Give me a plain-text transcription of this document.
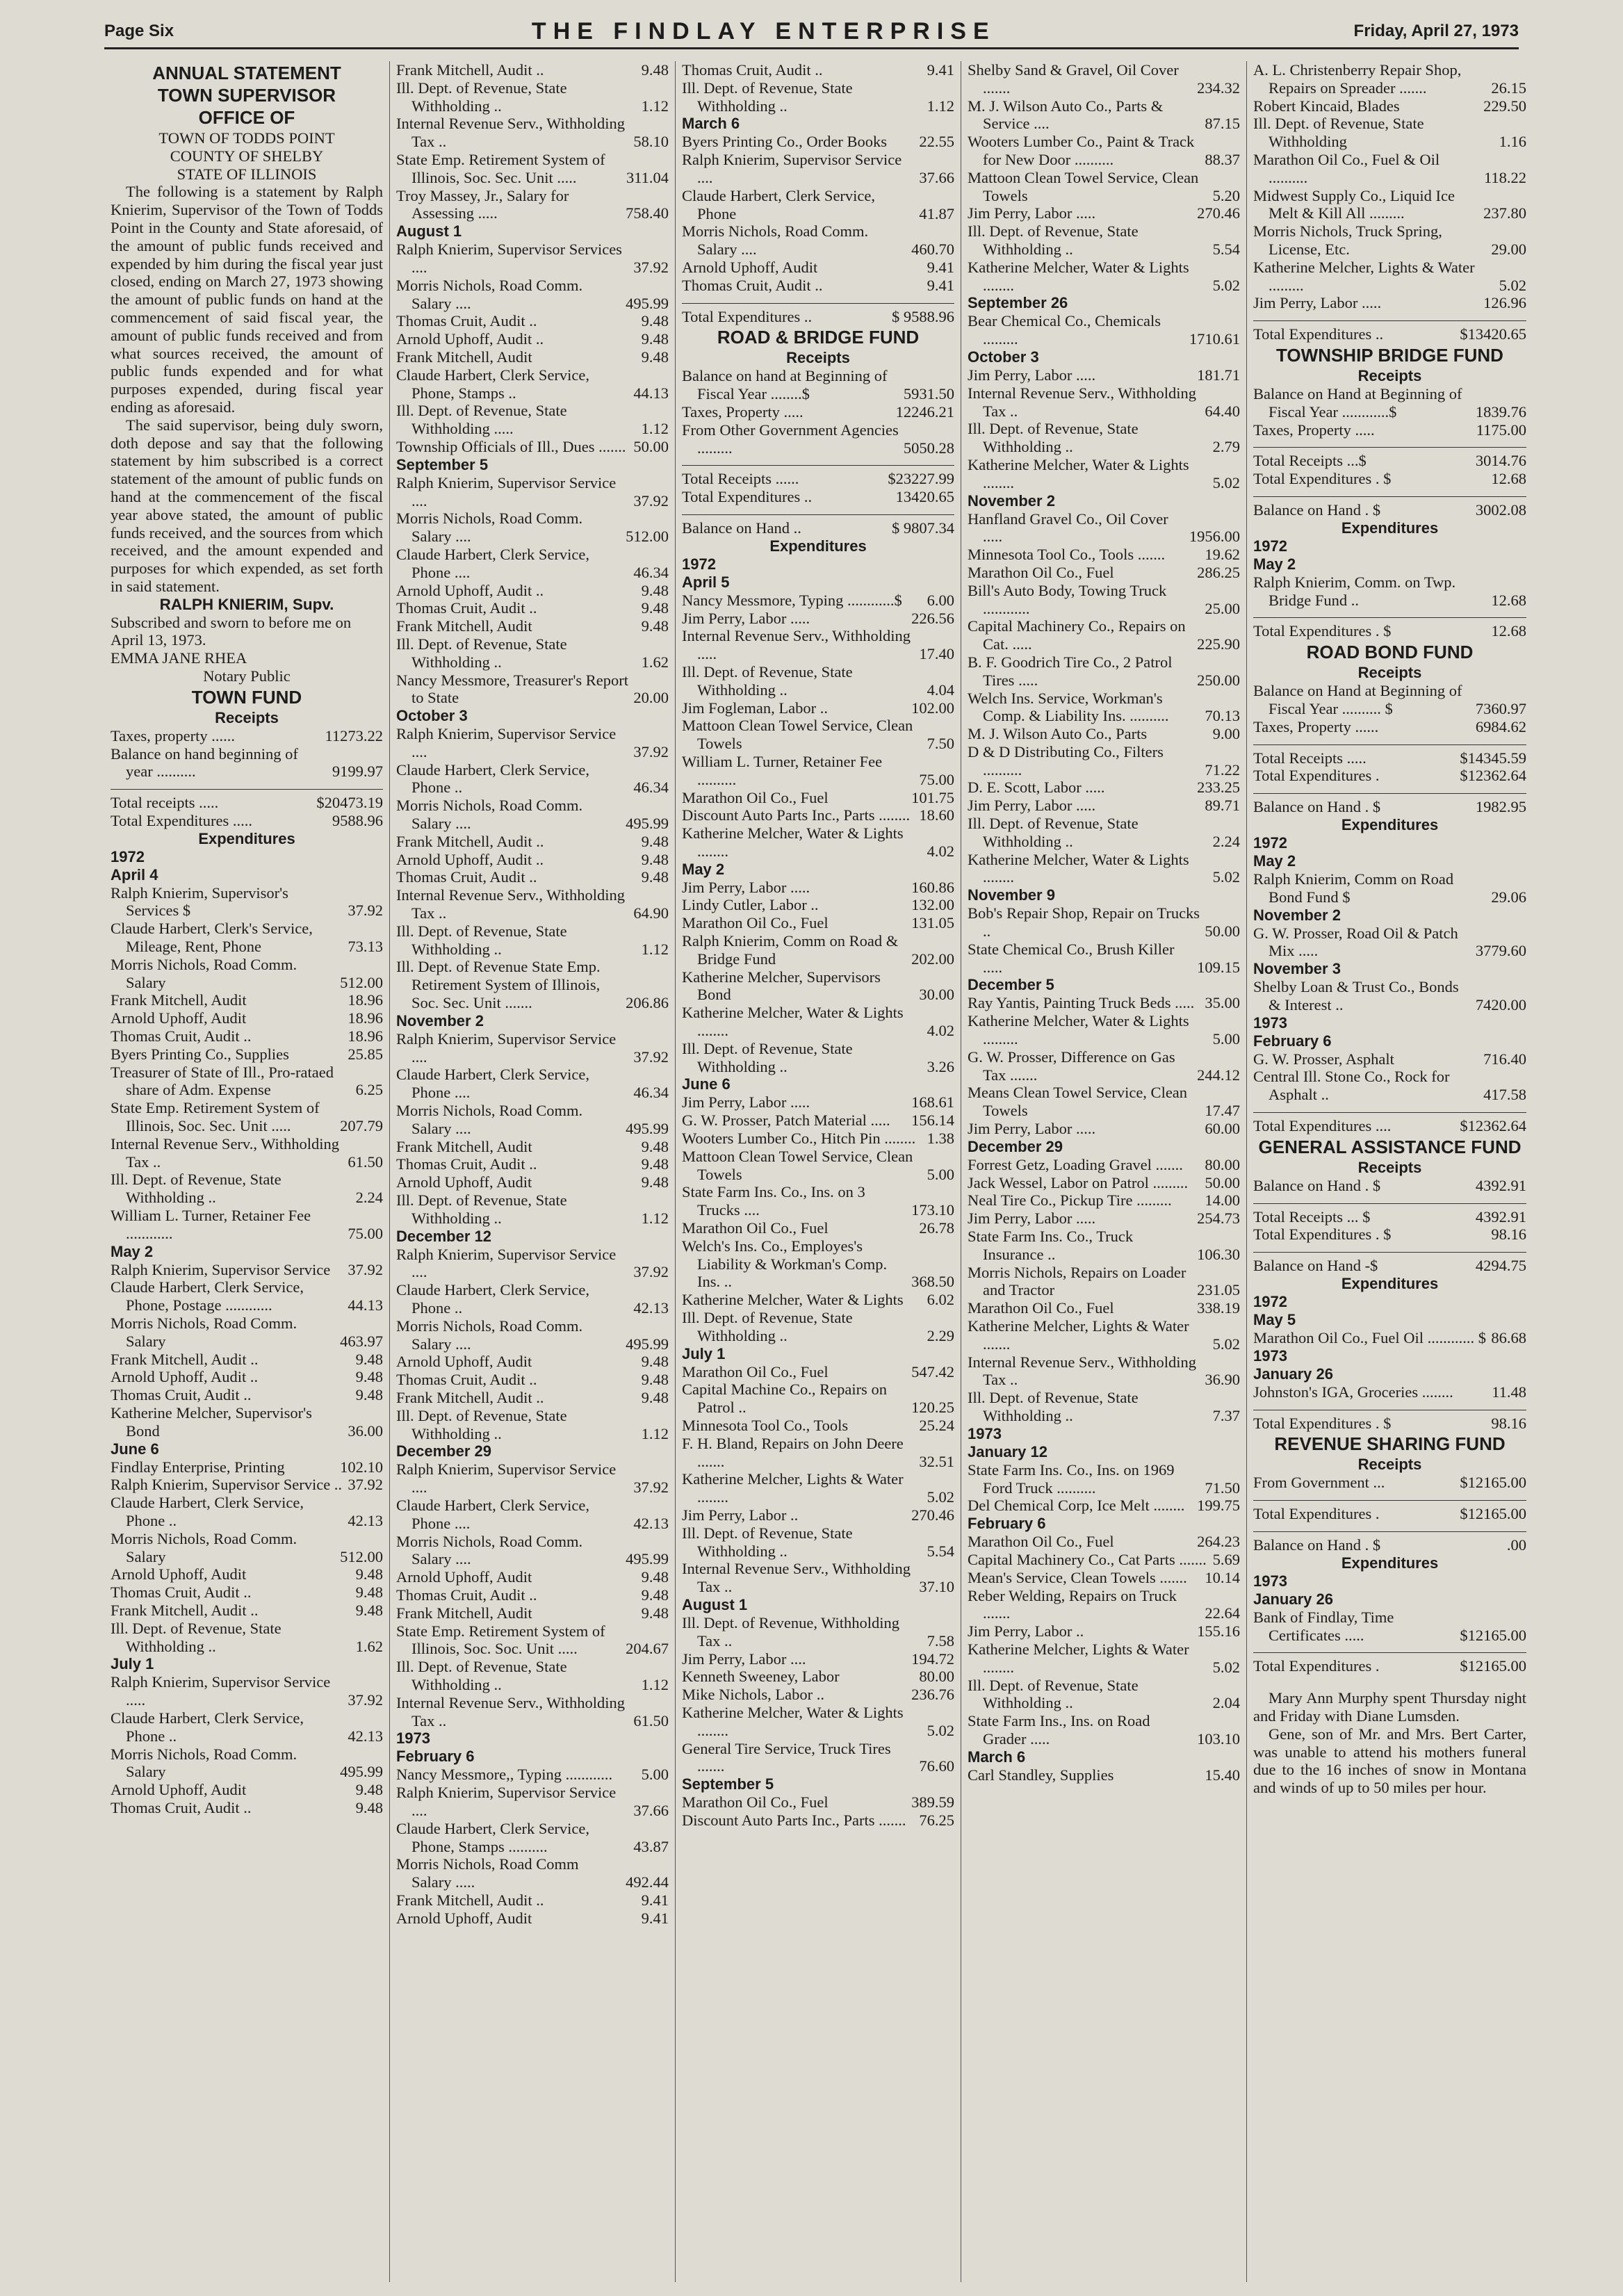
Page Six	THE FINDLAY ENTERPRISE	Friday, April 27, 1973
ANNUAL STATEMENT
TOWN SUPERVISOR
OFFICE OF
TOWN OF TODDS POINT
COUNTY OF SHELBY
STATE OF ILLINOIS
The following is a statement by Ralph Knierim, Supervisor of the Town of Todds Point in the County and State aforesaid, of the amount of public funds received and expended by him during the fiscal year just closed, ending on March 27, 1973 showing the amount of public funds on hand at the commencement of said fiscal year, the amount of public funds received and from what sources received, the amount of public funds expended and for what purposes expended, during fiscal year ending as aforesaid.
The said supervisor, being duly sworn, doth depose and say that the following statement by him subscribed is a correct statement of the amount of public funds on hand at the commencement of the fiscal year above stated, the amount of public funds received, and the sources from which received, and the amount expended and purposes for which expended, as set forth in said statement.
RALPH KNIERIM, Supv.
Subscribed and sworn to before me on April 13, 1973.
EMMA JANE RHEA
Notary Public
TOWN FUND
Receipts
Taxes, property ......	11273.22
Balance on hand beginning of year ..........	9199.97
Total receipts .....	$20473.19
Total Expenditures .....	9588.96
Expenditures
1972
April 4
Ralph Knierim, Supervisor's Services $	37.92
Claude Harbert, Clerk's Service, Mileage, Rent, Phone	73.13
Morris Nichols, Road Comm. Salary	512.00
Frank Mitchell, Audit	18.96
Arnold Uphoff, Audit	18.96
Thomas Cruit, Audit ..	18.96
Byers Printing Co., Supplies	25.85
Treasurer of State of Ill., Pro-rataed share of Adm. Expense	6.25
State Emp. Retirement System of Illinois, Soc. Sec. Unit .....	207.79
Internal Revenue Serv., Withholding Tax ..	61.50
Ill. Dept. of Revenue, State Withholding ..	2.24
William L. Turner, Retainer Fee ............	75.00
May 2
Ralph Knierim, Supervisor Service	37.92
Claude Harbert, Clerk Service, Phone, Postage ............	44.13
Morris Nichols, Road Comm. Salary	463.97
Frank Mitchell, Audit ..	9.48
Arnold Uphoff, Audit ..	9.48
Thomas Cruit, Audit ..	9.48
Katherine Melcher, Supervisor's Bond	36.00
June 6
Findlay Enterprise, Printing	102.10
Ralph Knierim, Supervisor Service .. 37.92
Claude Harbert, Clerk Service, Phone ..	42.13
Morris Nichols, Road Comm. Salary	512.00
Arnold Uphoff, Audit	9.48
Thomas Cruit, Audit ..	9.48
Frank Mitchell, Audit ..	9.48
Ill. Dept. of Revenue, State Withholding ..	1.62
July 1
Ralph Knierim, Supervisor Service .....	37.92
Claude Harbert, Clerk Service, Phone ..	42.13
Morris Nichols, Road Comm. Salary	495.99
Arnold Uphoff, Audit	9.48
Thomas Cruit, Audit ..	9.48
Frank Mitchell, Audit ..	9.48
Ill. Dept. of Revenue, State Withholding ..	1.12
Internal Revenue Serv., Withholding Tax ..	58.10
State Emp. Retirement System of Illinois, Soc. Sec. Unit .....	311.04
Troy Massey, Jr., Salary for Assessing .....	758.40
August 1
Ralph Knierim, Supervisor Services ....	37.92
Morris Nichols, Road Comm. Salary ....	495.99
Thomas Cruit, Audit ..	9.48
Arnold Uphoff, Audit ..	9.48
Frank Mitchell, Audit	9.48
Claude Harbert, Clerk Service, Phone, Stamps ..	44.13
Ill. Dept. of Revenue, State Withholding .....	1.12
Township Officials of Ill., Dues ....... 50.00
September 5
Ralph Knierim, Supervisor Service ....	37.92
Morris Nichols, Road Comm. Salary ....	512.00
Claude Harbert, Clerk Service, Phone ....	46.34
Arnold Uphoff, Audit ..	9.48
Thomas Cruit, Audit ..	9.48
Frank Mitchell, Audit	9.48
Ill. Dept. of Revenue, State Withholding ..	1.62
Nancy Messmore, Treasurer's Report to State	20.00
October 3
Ralph Knierim, Supervisor Service ....	37.92
Claude Harbert, Clerk Service, Phone ..	46.34
Morris Nichols, Road Comm. Salary ....	495.99
Frank Mitchell, Audit ..	9.48
Arnold Uphoff, Audit ..	9.48
Thomas Cruit, Audit ..	9.48
Internal Revenue Serv., Withholding Tax ..	64.90
Ill. Dept. of Revenue, State Withholding ..	1.12
Ill. Dept. of Revenue State Emp. Retirement System of Illinois, Soc. Sec. Unit .......	206.86
November 2
Ralph Knierim, Supervisor Service ....	37.92
Claude Harbert, Clerk Service, Phone ....	46.34
Morris Nichols, Road Comm. Salary ....	495.99
Frank Mitchell, Audit	9.48
Thomas Cruit, Audit ..	9.48
Arnold Uphoff, Audit	9.48
Ill. Dept. of Revenue, State Withholding ..	1.12
December 12
Ralph Knierim, Supervisor Service ....	37.92
Claude Harbert, Clerk Service, Phone ..	42.13
Morris Nichols, Road Comm. Salary ....	495.99
Arnold Uphoff, Audit	9.48
Thomas Cruit, Audit ..	9.48
Frank Mitchell, Audit ..	9.48
Ill. Dept. of Revenue, State Withholding ..	1.12
December 29
Ralph Knierim, Supervisor Service ....	37.92
Claude Harbert, Clerk Service, Phone ....	42.13
Morris Nichols, Road Comm. Salary ....	495.99
Arnold Uphoff, Audit	9.48
Thomas Cruit, Audit ..	9.48
Frank Mitchell, Audit	9.48
State Emp. Retirement System of Illinois, Soc. Soc. Unit .....	204.67
Ill. Dept. of Revenue, State Withholding ..	1.12
Internal Revenue Serv., Withholding Tax ..	61.50
1973
February 6
Nancy Messmore,, Typing ............	5.00
Ralph Knierim, Supervisor Service ....	37.66
Claude Harbert, Clerk Service, Phone, Stamps ..........	43.87
Morris Nichols, Road Comm Salary .....	492.44
Frank Mitchell, Audit ..	9.41
Arnold Uphoff, Audit	9.41
Thomas Cruit, Audit ..	9.41
Ill. Dept. of Revenue, State Withholding ..	1.12
March 6
Byers Printing Co., Order Books	22.55
Ralph Knierim, Supervisor Service ....	37.66
Claude Harbert, Clerk Service, Phone	41.87
Morris Nichols, Road Comm. Salary ....	460.70
Arnold Uphoff, Audit	9.41
Thomas Cruit, Audit ..	9.41
Total Expenditures ..	$ 9588.96
ROAD & BRIDGE FUND
Receipts
Balance on hand at Beginning of Fiscal Year ........$	5931.50
Taxes, Property .....	12246.21
From Other Government Agencies .........	5050.28
Total Receipts ......	$23227.99
Total Expenditures ..	13420.65
Balance on Hand ..	$ 9807.34
Expenditures
1972
April 5
Nancy Messmore, Typing ............$	6.00
Jim Perry, Labor .....	226.56
Internal Revenue Serv., Withholding .....	17.40
Ill. Dept. of Revenue, State Withholding ..	4.04
Jim Fogleman, Labor ..	102.00
Mattoon Clean Towel Service, Clean Towels	7.50
William L. Turner, Retainer Fee ..........	75.00
Marathon Oil Co., Fuel	101.75
Discount Auto Parts Inc., Parts ........ 18.60
Katherine Melcher, Water & Lights ........	4.02
May 2
Jim Perry, Labor .....	160.86
Lindy Cutler, Labor ..	132.00
Marathon Oil Co., Fuel	131.05
Ralph Knierim, Comm on Road & Bridge Fund	202.00
Katherine Melcher, Supervisors Bond	30.00
Katherine Melcher, Water & Lights ........	4.02
Ill. Dept. of Revenue, State Withholding ..	3.26
June 6
Jim Perry, Labor .....	168.61
G. W. Prosser, Patch Material .....	156.14
Wooters Lumber Co., Hitch Pin ........ 1.38
Mattoon Clean Towel Service, Clean Towels	5.00
State Farm Ins. Co., Ins. on 3 Trucks ....	173.10
Marathon Oil Co., Fuel	26.78
Welch's Ins. Co., Employes's Liability & Workman's Comp. Ins. ..	368.50
Katherine Melcher, Water & Lights	6.02
Ill. Dept. of Revenue, State Withholding ..	2.29
July 1
Marathon Oil Co., Fuel	547.42
Capital Machine Co., Repairs on Patrol ..	120.25
Minnesota Tool Co., Tools	25.24
F. H. Bland, Repairs on John Deere .......	32.51
Katherine Melcher, Lights & Water ........	5.02
Jim Perry, Labor ..	270.46
Ill. Dept. of Revenue, State Withholding ..	5.54
Internal Revenue Serv., Withholding Tax ..	37.10
August 1
Ill. Dept. of Revenue, Withholding Tax ..	7.58
Jim Perry, Labor ....	194.72
Kenneth Sweeney, Labor	80.00
Mike Nichols, Labor ..	236.76
Katherine Melcher, Water & Lights ........	5.02
General Tire Service, Truck Tires .......	76.60
September 5
Marathon Oil Co., Fuel	389.59
Discount Auto Parts Inc., Parts ....... 76.25
Shelby Sand & Gravel, Oil Cover .......	234.32
M. J. Wilson Auto Co., Parts & Service ....	87.15
Wooters Lumber Co., Paint & Track for New Door ..........	88.37
Mattoon Clean Towel Service, Clean Towels	5.20
Jim Perry, Labor .....	270.46
Ill. Dept. of Revenue, State Withholding ..	5.54
Katherine Melcher, Water & Lights ........	5.02
September 26
Bear Chemical Co., Chemicals .........	1710.61
October 3
Jim Perry, Labor .....	181.71
Internal Revenue Serv., Withholding Tax ..	64.40
Ill. Dept. of Revenue, State Withholding ..	2.79
Katherine Melcher, Water & Lights ........	5.02
November 2
Hanfland Gravel Co., Oil Cover .....	1956.00
Minnesota Tool Co., Tools .......	19.62
Marathon Oil Co., Fuel	286.25
Bill's Auto Body, Towing Truck ............	25.00
Capital Machinery Co., Repairs on Cat. .....	225.90
B. F. Goodrich Tire Co., 2 Patrol Tires .....	250.00
Welch Ins. Service, Workman's Comp. & Liability Ins. ..........	70.13
M. J. Wilson Auto Co., Parts	9.00
D & D Distributing Co., Filters ..........	71.22
D. E. Scott, Labor .....	233.25
Jim Perry, Labor .....	89.71
Ill. Dept. of Revenue, State Withholding ..	2.24
Katherine Melcher, Water & Lights ........	5.02
November 9
Bob's Repair Shop, Repair on Trucks ..	50.00
State Chemical Co., Brush Killer .....	109.15
December 5
Ray Yantis, Painting Truck Beds ..... 35.00
Katherine Melcher, Water & Lights .........	5.00
G. W. Prosser, Difference on Gas Tax .......	244.12
Means Clean Towel Service, Clean Towels	17.47
Jim Perry, Labor .....	60.00
December 29
Forrest Getz, Loading Gravel .......	80.00
Jack Wessel, Labor on Patrol .........	50.00
Neal Tire Co., Pickup Tire .........	14.00
Jim Perry, Labor .....	254.73
State Farm Ins. Co., Truck Insurance ..	106.30
Morris Nichols, Repairs on Loader and Tractor	231.05
Marathon Oil Co., Fuel	338.19
Katherine Melcher, Lights & Water .......	5.02
Internal Revenue Serv., Withholding Tax ..	36.90
Ill. Dept. of Revenue, State Withholding ..	7.37
1973
January 12
State Farm Ins. Co., Ins. on 1969 Ford Truck ..........	71.50
Del Chemical Corp, Ice Melt ........ 199.75
February 6
Marathon Oil Co., Fuel	264.23
Capital Machinery Co., Cat Parts ....... 5.69
Mean's Service, Clean Towels .......	10.14
Reber Welding, Repairs on Truck .......	22.64
Jim Perry, Labor ..	155.16
Katherine Melcher, Lights & Water ........	5.02
Ill. Dept. of Revenue, State Withholding ..	2.04
State Farm Ins., Ins. on Road Grader .....	103.10
March 6
Carl Standley, Supplies	15.40
A. L. Christenberry Repair Shop, Repairs on Spreader .......	26.15
Robert Kincaid, Blades	229.50
Ill. Dept. of Revenue, State Withholding	1.16
Marathon Oil Co., Fuel & Oil ..........	118.22
Midwest Supply Co., Liquid Ice Melt & Kill All .........	237.80
Morris Nichols, Truck Spring, License, Etc.	29.00
Katherine Melcher, Lights & Water .........	5.02
Jim Perry, Labor .....	126.96
Total Expenditures ..	$13420.65
TOWNSHIP BRIDGE FUND
Receipts
Balance on Hand at Beginning of Fiscal Year ............$	1839.76
Taxes, Property .....	1175.00
Total Receipts ...$	3014.76
Total Expenditures . $	12.68
Balance on Hand . $	3002.08
Expenditures
1972
May 2
Ralph Knierim, Comm. on Twp. Bridge Fund ..	12.68
Total Expenditures . $	12.68
ROAD BOND FUND
Receipts
Balance on Hand at Beginning of Fiscal Year .......... $	7360.97
Taxes, Property ......	6984.62
Total Receipts .....	$14345.59
Total Expenditures .	$12362.64
Balance on Hand . $	1982.95
Expenditures
1972
May 2
Ralph Knierim, Comm on Road Bond Fund $	29.06
November 2
G. W. Prosser, Road Oil & Patch Mix .....	3779.60
November 3
Shelby Loan & Trust Co., Bonds & Interest ..	7420.00
1973
February 6
G. W. Prosser, Asphalt	716.40
Central Ill. Stone Co., Rock for Asphalt ..	417.58
Total Expenditures ....	$12362.64
GENERAL ASSISTANCE FUND
Receipts
Balance on Hand . $	4392.91
Total Receipts ... $	4392.91
Total Expenditures . $	98.16
Balance on Hand -$	4294.75
Expenditures
1972
May 5
Marathon Oil Co., Fuel Oil ............ $ 86.68
1973
January 26
Johnston's IGA, Groceries ........	11.48
Total Expenditures . $	98.16
REVENUE SHARING FUND
Receipts
From Government ...	$12165.00
Total Expenditures .	$12165.00
Balance on Hand . $	.00
Expenditures
1973
January 26
Bank of Findlay, Time Certificates .....	$12165.00
Total Expenditures .	$12165.00
Mary Ann Murphy spent Thursday night and Friday with Diane Lumsden.
Gene, son of Mr. and Mrs. Bert Carter, was unable to attend his mothers funeral due to the 16 inches of snow in Montana and winds of up to 50 miles per hour.
